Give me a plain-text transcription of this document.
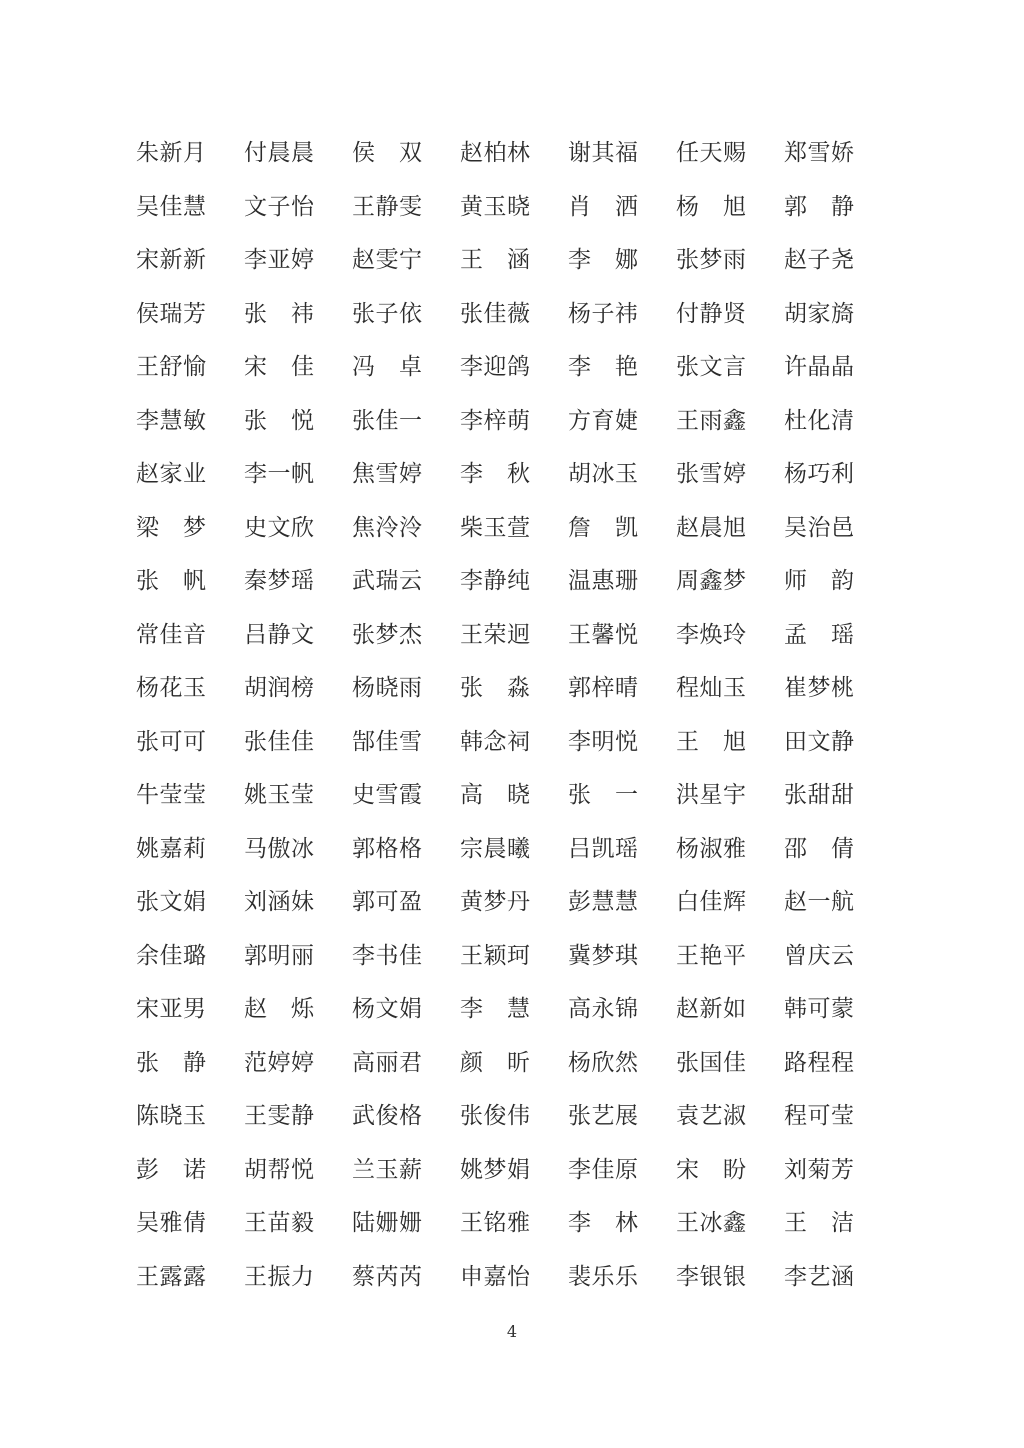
朱新月 付晨晨 侯　双 赵柏林 谢其福 任天赐 郑雪娇
吴佳慧 文子怡 王静雯 黄玉晓 肖　洒 杨　旭 郭　静
宋新新 李亚婷 赵雯宁 王　涵 李　娜 张梦雨 赵子尧
侯瑞芳 张　祎 张子依 张佳薇 杨子祎 付静贤 胡家旖
王舒愉 宋　佳 冯　卓 李迎鸽 李　艳 张文言 许晶晶
李慧敏 张　悦 张佳一 李梓萌 方育婕 王雨鑫 杜化清
赵家业 李一帆 焦雪婷 李　秋 胡冰玉 张雪婷 杨巧利
梁　梦 史文欣 焦泠泠 柴玉萱 詹　凯 赵晨旭 吴治邑
张　帆 秦梦瑶 武瑞云 李静纯 温惠珊 周鑫梦 师　韵
常佳音 吕静文 张梦杰 王荣迥 王馨悦 李焕玲 孟　瑶
杨花玉 胡润榜 杨晓雨 张　淼 郭梓晴 程灿玉 崔梦桃
张可可 张佳佳 郜佳雪 韩念祠 李明悦 王　旭 田文静
牛莹莹 姚玉莹 史雪霞 高　晓 张　一 洪星宇 张甜甜
姚嘉莉 马傲冰 郭格格 宗晨曦 吕凯瑶 杨淑雅 邵　倩
张文娟 刘涵妹 郭可盈 黄梦丹 彭慧慧 白佳辉 赵一航
余佳璐 郭明丽 李书佳 王颖珂 冀梦琪 王艳平 曾庆云
宋亚男 赵　烁 杨文娟 李　慧 高永锦 赵新如 韩可蒙
张　静 范婷婷 高丽君 颜　昕 杨欣然 张国佳 路程程
陈晓玉 王雯静 武俊格 张俊伟 张艺展 袁艺淑 程可莹
彭　诺 胡帮悦 兰玉薪 姚梦娟 李佳原 宋　盼 刘菊芳
吴雅倩 王苗毅 陆姗姗 王铭雅 李　林 王冰鑫 王　洁
王露露 王振力 蔡芮芮 申嘉怡 裴乐乐 李银银 李艺涵
4
